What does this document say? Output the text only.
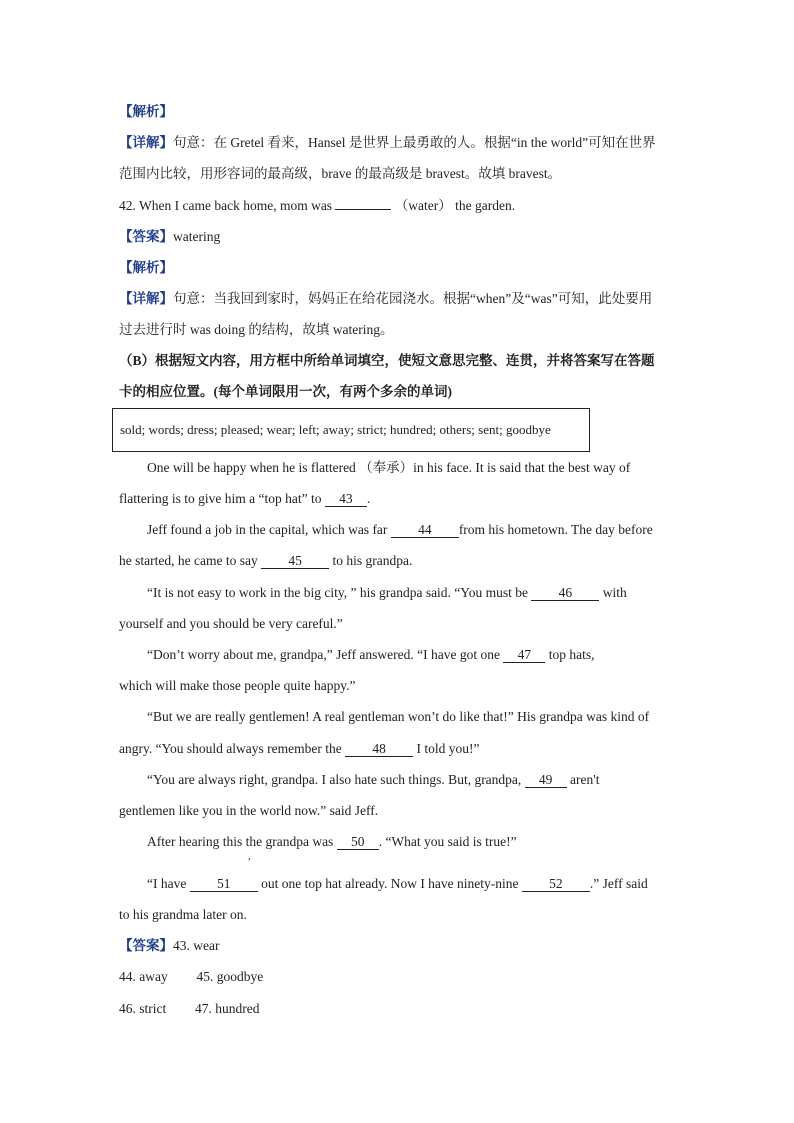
【解析】
【详解】句意：在 Gretel 看来，Hansel 是世界上最勇敢的人。根据“in the world”可知在世界
范围内比较，用形容词的最高级，brave 的最高级是 bravest。故填 bravest。
42. When I came back home, mom was	（water） the garden.
【答案】watering
【解析】
【详解】句意：当我回到家时，妈妈正在给花园浇水。根据“when”及“was”可知，此处要用
过去进行时 was doing 的结构，故填 watering。
（B）根据短文内容，用方框中所给单词填空，使短文意思完整、连贯，并将答案写在答题
卡的相应位置。(每个单词限用一次，有两个多余的单词)
sold; words; dress; pleased; wear; left; away; strict; hundred; others; sent; goodbye
One will be happy when he is flattered （奉承）in his face. It is said that the best way of
flattering is to give him a “top hat” to 43 .
Jeff found a job in the capital, which was far 44 from his hometown. The day before
he started, he came to say 45 to his grandpa.
“It is not easy to work in the big city, ” his grandpa said. “You must be 46 with
yourself and you should be very careful.”
“Don’t worry about me, grandpa,” Jeff answered. “I have got one 47 top hats,
which will make those people quite happy.”
“But we are really gentlemen! A real gentleman won’t do like that!” His grandpa was kind of
angry. “You should always remember the 48 I told you!”
“You are always right, grandpa. I also hate such things. But, grandpa, 49 aren't
gentlemen like you in the world now.” said Jeff.
After hearing this the grandpa was 50 . “What you said is true!”
,
“I have 51 out one top hat already. Now I have ninety-nine 52 .” Jeff said
to his grandma later on.
【答案】43. wear
44. away 45. goodbye
46. strict 47. hundred
